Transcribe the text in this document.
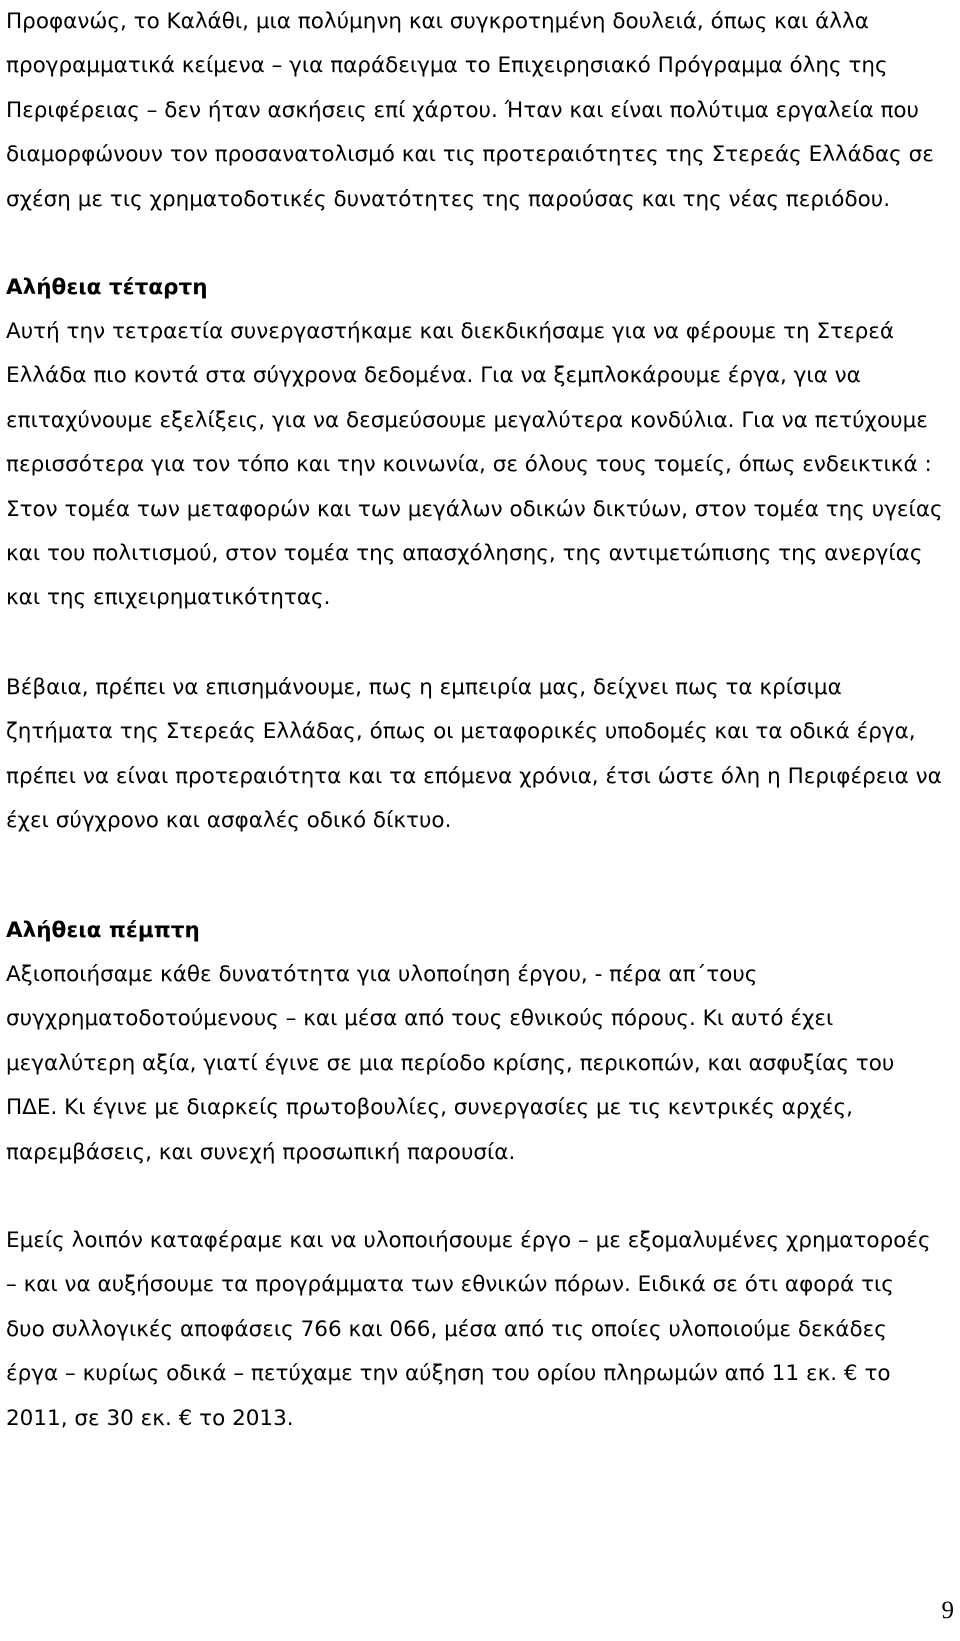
Προφανώς, το Καλάθι, μια πολύμηνη και συγκροτημένη δουλειά, όπως και άλλα
προγραμματικά κείμενα – για παράδειγμα το Επιχειρησιακό Πρόγραμμα όλης της
Περιφέρειας – δεν ήταν ασκήσεις επί χάρτου. Ήταν και είναι πολύτιμα εργαλεία που
διαμορφώνουν τον προσανατολισμό και τις προτεραιότητες της Στερεάς Ελλάδας σε
σχέση με τις χρηματοδοτικές δυνατότητες της παρούσας και της νέας περιόδου.

Αλήθεια τέταρτη

Αυτή την τετραετία συνεργαστήκαμε και διεκδικήσαμε για να φέρουμε τη Στερεά
Ελλάδα πιο κοντά στα σύγχρονα δεδομένα. Για να ξεμπλοκάρουμε έργα, για να
επιταχύνουμε εξελίξεις, για να δεσμεύσουμε μεγαλύτερα κονδύλια. Για να πετύχουμε
περισσότερα για τον τόπο και την κοινωνία, σε όλους τους τομείς, όπως ενδεικτικά :
Στον τομέα των μεταφορών και των μεγάλων οδικών δικτύων, στον τομέα της υγείας
και του πολιτισμού, στον τομέα της απασχόλησης, της αντιμετώπισης της ανεργίας
και της επιχειρηματικότητας.

Βέβαια, πρέπει να επισημάνουμε, πως η εμπειρία μας, δείχνει πως τα κρίσιμα
ζητήματα της Στερεάς Ελλάδας, όπως οι μεταφορικές υποδομές και τα οδικά έργα,
πρέπει να είναι προτεραιότητα και τα επόμενα χρόνια, έτσι ώστε όλη η Περιφέρεια να
έχει σύγχρονο και ασφαλές οδικό δίκτυο.

Αλήθεια πέμπτη

Αξιοποιήσαμε κάθε δυνατότητα για υλοποίηση έργου, - πέρα απ΄τους
συγχρηματοδοτούμενους – και μέσα από τους εθνικούς πόρους. Κι αυτό έχει
μεγαλύτερη αξία, γιατί έγινε σε μια περίοδο κρίσης, περικοπών, και ασφυξίας του
ΠΔΕ. Κι έγινε με διαρκείς πρωτοβουλίες, συνεργασίες με τις κεντρικές αρχές,
παρεμβάσεις, και συνεχή προσωπική παρουσία.

Εμείς λοιπόν καταφέραμε και να υλοποιήσουμε έργο – με εξομαλυμένες χρηματοροές
– και να αυξήσουμε τα προγράμματα των εθνικών πόρων. Ειδικά σε ότι αφορά τις
δυο συλλογικές αποφάσεις 766 και 066, μέσα από τις οποίες υλοποιούμε δεκάδες
έργα – κυρίως οδικά – πετύχαμε την αύξηση του ορίου πληρωμών από 11 εκ. € το
2011, σε 30 εκ. € το 2013.

9
